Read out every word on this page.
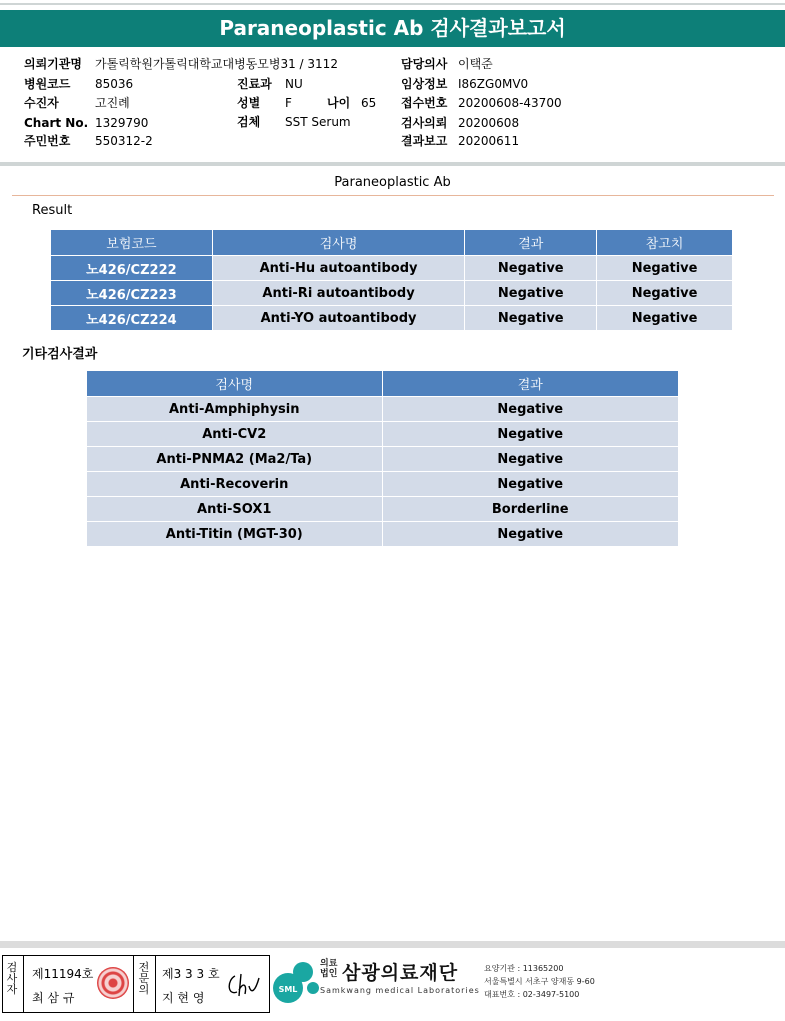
Paraneoplastic Ab 검사결과보고서
의뢰기관명 가톨릭학원가톨릭대학교대병동모병31 / 3112	담당의사 이택준
병원코드 85036	진료과 NU	임상정보 I86ZG0MV0
수진자	고진례	성별 F	나이 65 접수번호 20200608-43700
Chart No. 1329790	검체 SST Serum	검사의뢰 20200608
주민번호 550312-2	결과보고 20200611
Paraneoplastic Ab
Result
보험코드	검사명	결과	참고치
노426/CZ222	Anti-Hu autoantibody	Negative	Negative
노426/CZ223	Anti-Ri autoantibody	Negative	Negative
노426/CZ224	Anti-YO autoantibody	Negative	Negative
기타검사결과
검사명	결과
Anti-Amphiphysin	Negative
Anti-CV2	Negative
Anti-PNMA2 (Ma2/Ta)	Negative
Anti-Recoverin	Negative
Anti-SOX1	Borderline
Anti-Titin (MGT-30)	Negative
검사자
제11194호
최 삼 규
전문의
제3 3 3 호
지 현 영
SML
의료
법인 삼광의료재단
Samkwang medical Laboratories
요양기관 : 11365200
서울특별시 서초구 양재동 9-60
대표번호 : 02-3497-5100
